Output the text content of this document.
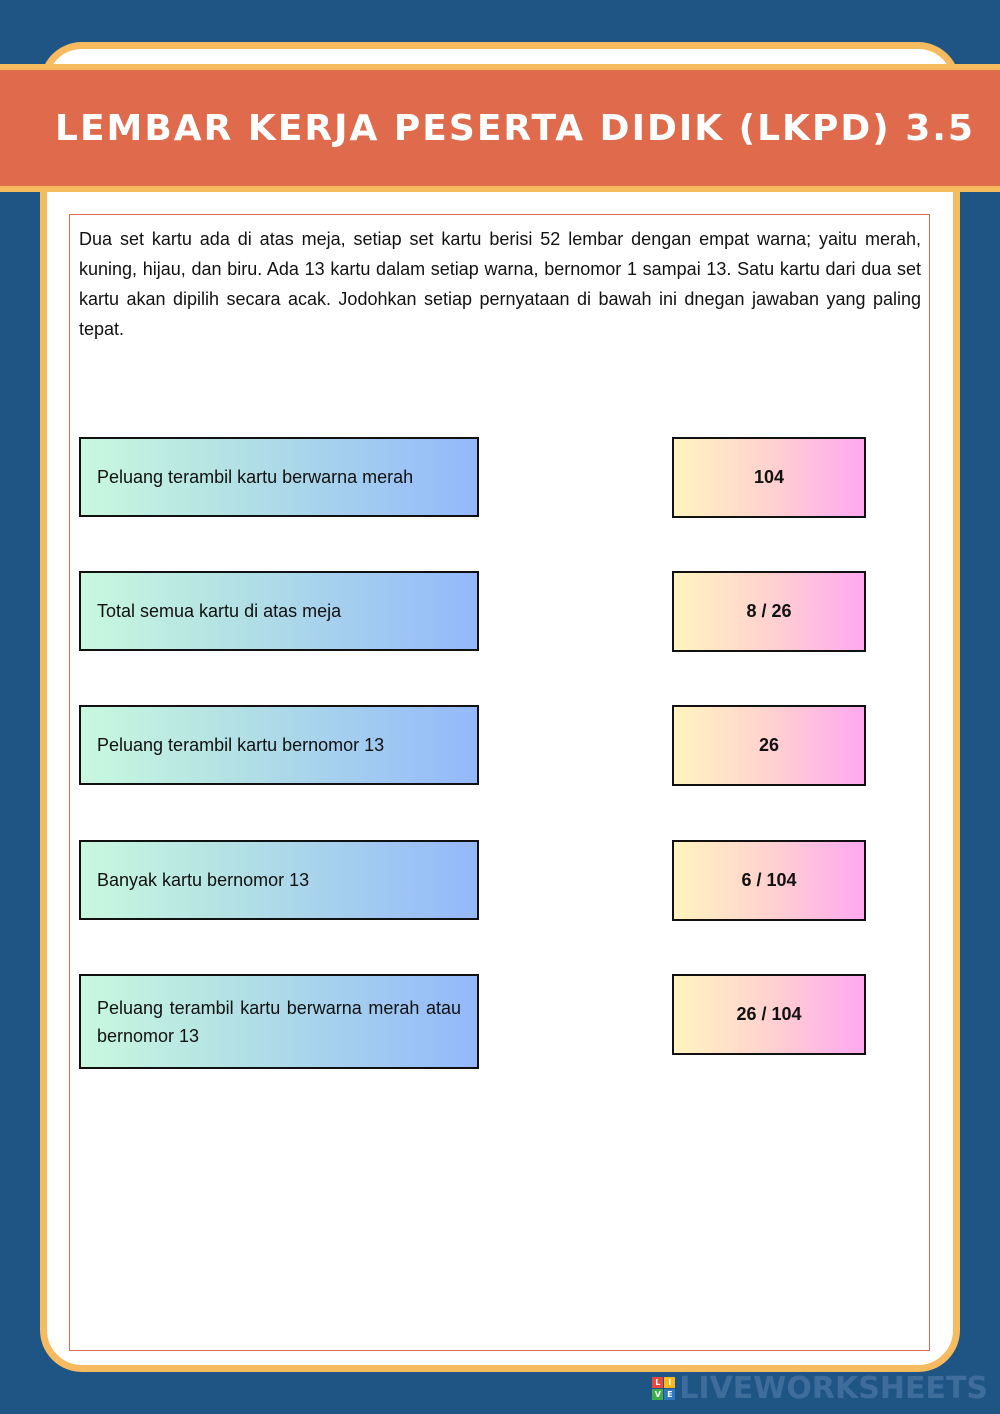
LEMBAR KERJA PESERTA DIDIK (LKPD) 3.5

Dua set kartu ada di atas meja, setiap set kartu berisi 52 lembar dengan empat warna; yaitu merah, kuning, hijau, dan biru. Ada 13 kartu dalam setiap warna, bernomor 1 sampai 13. Satu kartu dari dua set kartu akan dipilih secara acak. Jodohkan setiap pernyataan di bawah ini dnegan jawaban yang paling tepat.

Peluang terambil kartu berwarna merah
Total semua kartu di atas meja
Peluang terambil kartu bernomor 13
Banyak kartu bernomor 13
Peluang terambil kartu berwarna merah atau bernomor 13
104
8 / 26
26
6 / 104
26 / 104
L I
V E LIVEWORKSHEETS
